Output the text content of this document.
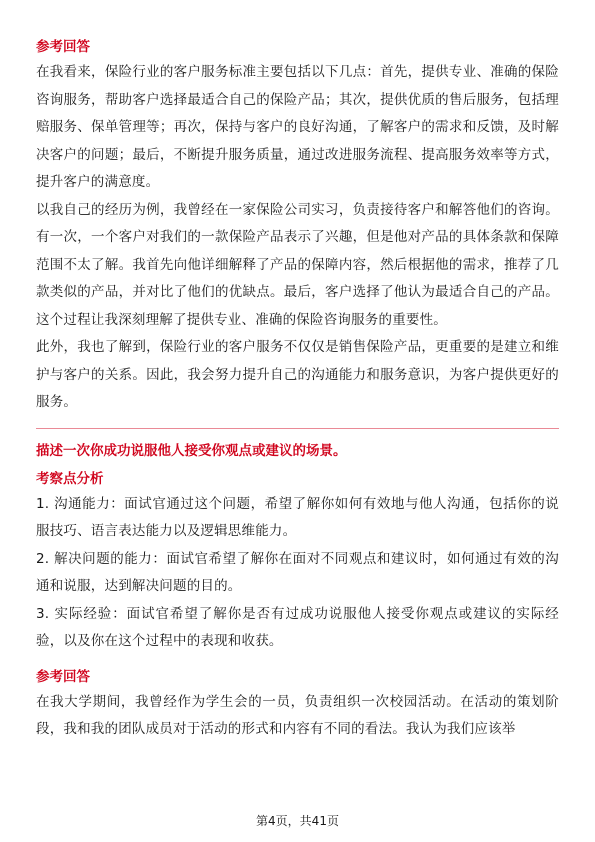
参考回答

在我看来，保险行业的客户服务标准主要包括以下几点：首先，提供专业、准确的保险咨询服务，帮助客户选择最适合自己的保险产品；其次，提供优质的售后服务，包括理赔服务、保单管理等；再次，保持与客户的良好沟通，了解客户的需求和反馈，及时解决客户的问题；最后，不断提升服务质量，通过改进服务流程、提高服务效率等方式，提升客户的满意度。

以我自己的经历为例，我曾经在一家保险公司实习，负责接待客户和解答他们的咨询。有一次，一个客户对我们的一款保险产品表示了兴趣，但是他对产品的具体条款和保障范围不太了解。我首先向他详细解释了产品的保障内容，然后根据他的需求，推荐了几款类似的产品，并对比了他们的优缺点。最后，客户选择了他认为最适合自己的产品。这个过程让我深刻理解了提供专业、准确的保险咨询服务的重要性。

此外，我也了解到，保险行业的客户服务不仅仅是销售保险产品，更重要的是建立和维护与客户的关系。因此，我会努力提升自己的沟通能力和服务意识，为客户提供更好的服务。

描述一次你成功说服他人接受你观点或建议的场景。
考察点分析

1. 沟通能力：面试官通过这个问题，希望了解你如何有效地与他人沟通，包括你的说服技巧、语言表达能力以及逻辑思维能力。

2. 解决问题的能力：面试官希望了解你在面对不同观点和建议时，如何通过有效的沟通和说服，达到解决问题的目的。

3. 实际经验：面试官希望了解你是否有过成功说服他人接受你观点或建议的实际经验，以及你在这个过程中的表现和收获。

参考回答

在我大学期间，我曾经作为学生会的一员，负责组织一次校园活动。在活动的策划阶段，我和我的团队成员对于活动的形式和内容有不同的看法。我认为我们应该举

第4页，共41页
